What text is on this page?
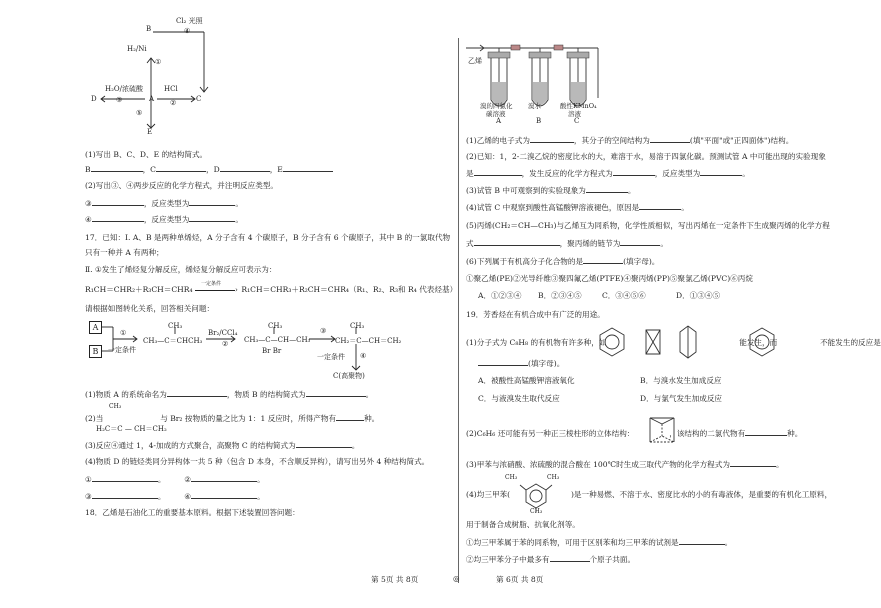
B
Cl₂ 光照
④
H₂/Ni
①
D
H₂O/浓硫酸
③	A
HCl
②	C
⑤
E
(1)写出 B、C、D、E 的结构简式。
B	，C	，D	，E
(2)写出③、④两步反应的化学方程式，并注明反应类型。
③	，反应类型为	。
④	，反应类型为	。
17．已知：Ⅰ. A、B 是两种单烯烃，A 分子含有 4 个碳原子，B 分子含有 6 个碳原子，其中 B 的一氯取代物
只有一种并 A 有两种；
Ⅱ. ①发生了烯烃复分解反应，烯烃复分解反应可表示为：
R₁CH＝CHR₂＋R₃CH＝CHR₄
一定条件
› R₁CH＝CHR₃＋R₂CH＝CHR₄（R₁、R₂、R₃和 R₄ 代表烃基）
请根据如图转化关系，回答相关问题：
A
B
①
一定条件
CH₃
CH₃—C＝CHCH₃
Br₂/CCl₄
②
CH₃
CH₃—C—CH—CH₃
Br Br
③
CH₃
CH₂＝C—CH＝CH₂
一定条件 ④
C(高聚物)
(1)物质 A 的系统命名为	，物质 B 的结构简式为	。
CH₃
(2)当	与 Br₂ 按物质的量之比为 1：1 反应时，所得产物有	种。
H₂C＝C — CH＝CH₂
(3)反应④通过 1，4-加成的方式聚合，高聚物 C 的结构简式为	。
(4)物质 D 的链烃类同分异构体一共 5 种（包含 D 本身，不含顺反异构），请写出另外 4 种结构简式。
①	。 ②	。
③	。 ④	。
18．乙烯是石油化工的重要基本原料。根据下述装置回答问题：
乙烯
溴的四氯化
碳溶液
溴水	酸性KMnO₄
溶液
A	B	C
(1)乙烯的电子式为	，其分子的空间结构为	(填"平面"或"正四面体")结构。
(2)已知：1，2-二溴乙烷的密度比水的大，难溶于水，易溶于四氯化碳。预测试管 A 中可能出现的实验现象
是	，发生反应的化学方程式为	，反应类型为	。
(3)试管 B 中可观察到的实验现象为	。
(4)试管 C 中观察到酸性高锰酸钾溶液褪色，原因是	。
(5)丙烯(CH₂＝CH—CH₃)与乙烯互为同系物，化学性质相似，写出丙烯在一定条件下生成聚丙烯的化学方程
式	，聚丙烯的链节为	。
(6)下列属于有机高分子化合物的是	(填字母)。
①聚乙烯(PE)②光导纤维③聚四氟乙烯(PTFE)④聚丙烯(PP)⑤聚氯乙烯(PVC)⑥丙烷
A．①②③④ B．②③④⑤	C．③④⑤⑥	D．①③④⑤
19．芳香烃在有机合成中有广泛的用途。
(1)分子式为 C₈H₈ 的有机物有许多种，如	能发生，而	不能发生的反应是
(填字母)。
A．被酸性高锰酸钾溶液氧化	B．与溴水发生加成反应
C．与液溴发生取代反应	D．与氯气发生加成反应
(2)C₆H₆ 还可能有另一种正三棱柱形的立体结构：	，该结构的二氯代物有	种。
(3)甲苯与浓硝酸、浓硫酸的混合酸在 100℃时生成三取代产物的化学方程式为	。
CH₃	CH₃
CH₃
(4)均三甲苯(	)是一种易燃、不溶于水、密度比水的小的有毒液体，是重要的有机化工原料，
用于制备合成树脂、抗氧化剂等。
①均三甲苯属于苯的同系物，可用于区别苯和均三甲苯的试剂是	。
②均三甲苯分子中最多有	个原子共面。
第 5页 共 8页	◎	第 6页 共 8页
